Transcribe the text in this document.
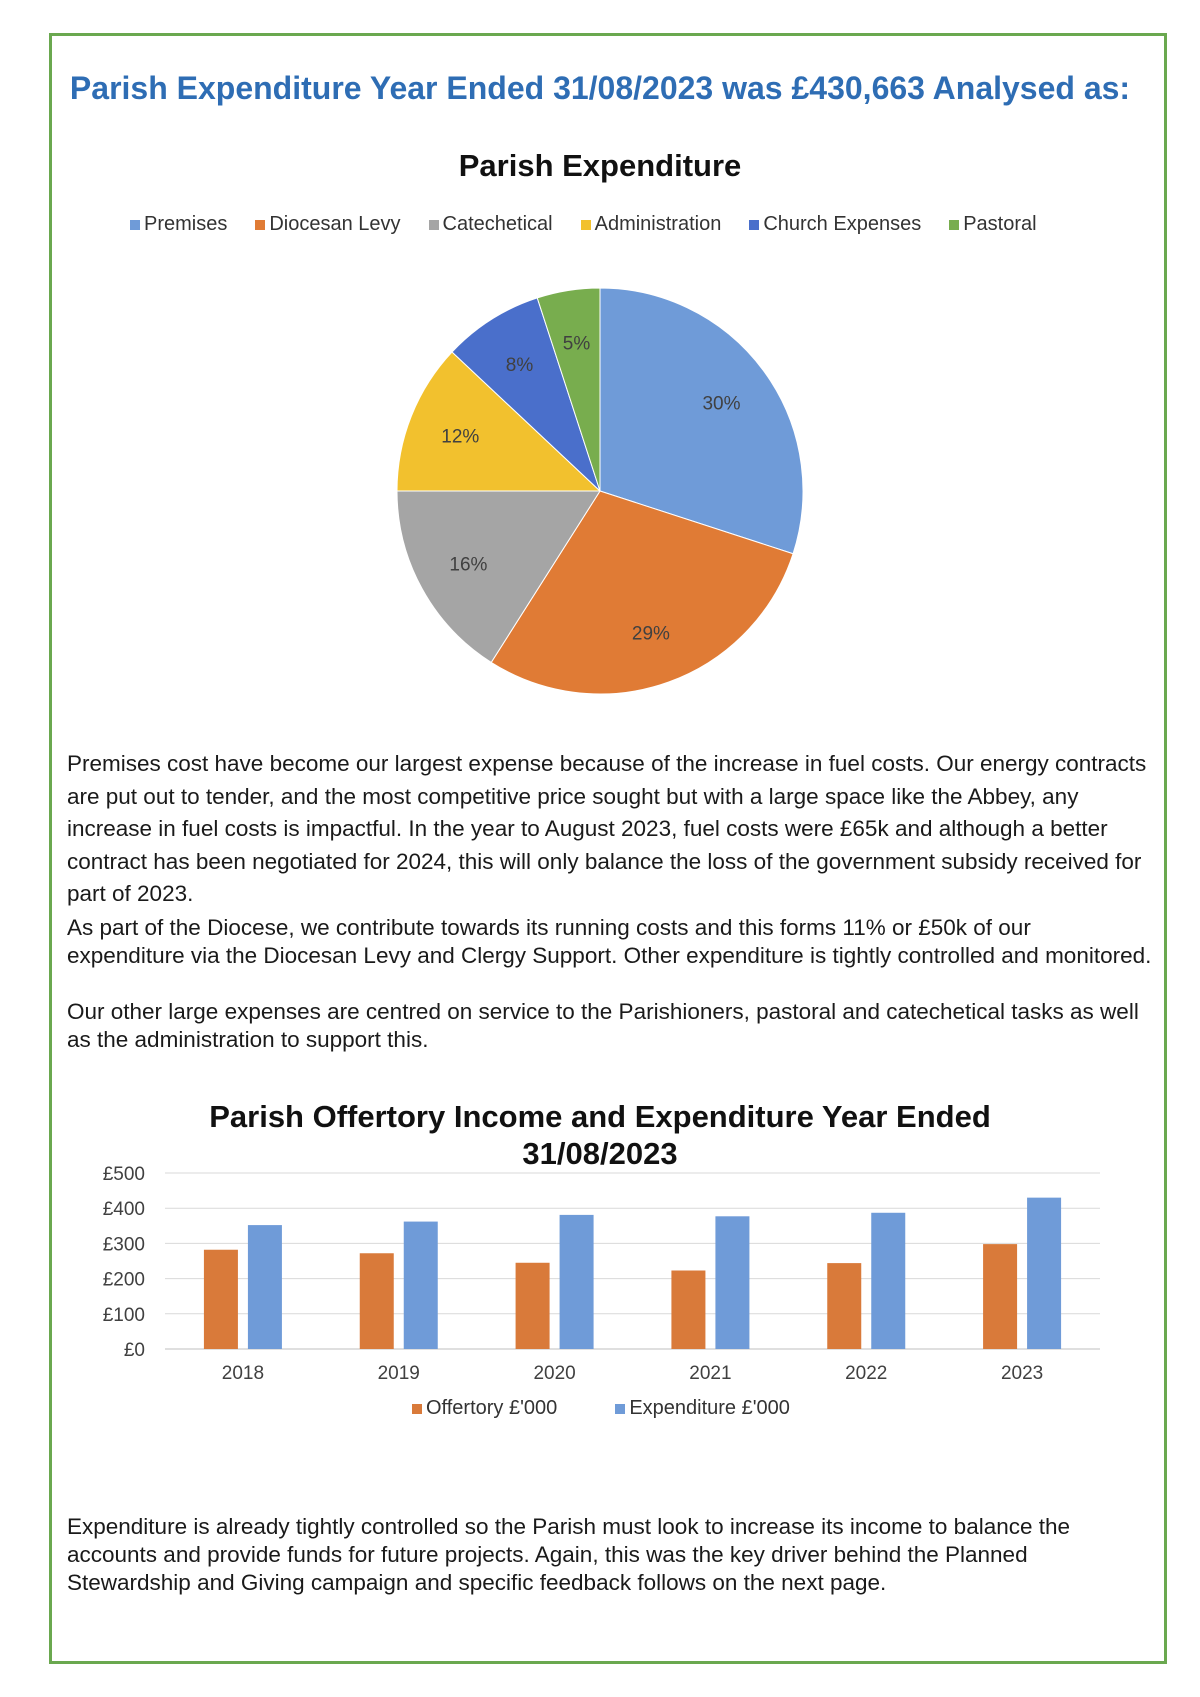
Parish Expenditure Year Ended 31/08/2023 was £430,663 Analysed as:
Parish Expenditure
Premises Diocesan Levy Catechetical Administration Church Expenses Pastoral
30%
29%
16%
12%
8%
5%
Premises cost have become our largest expense because of the increase in fuel costs. Our energy contracts are put out to tender, and the most competitive price sought but with a large space like the Abbey, any increase in fuel costs is impactful. In the year to August 2023, fuel costs were £65k and although a better contract has been negotiated for 2024, this will only balance the loss of the government subsidy received for part of 2023.
As part of the Diocese, we contribute towards its running costs and this forms 11% or £50k of our expenditure via the Diocesan Levy and Clergy Support. Other expenditure is tightly controlled and monitored.
Our other large expenses are centred on service to the Parishioners, pastoral and catechetical tasks as well as the administration to support this.
Parish Offertory Income and Expenditure Year Ended
31/08/2023
£0
£100
£200
£300
£400
£500
2018	2019	2020	2021	2022	2023
Offertory £'000	Expenditure £'000
Expenditure is already tightly controlled so the Parish must look to increase its income to balance the accounts and provide funds for future projects. Again, this was the key driver behind the Planned Stewardship and Giving campaign and specific feedback follows on the next page.
